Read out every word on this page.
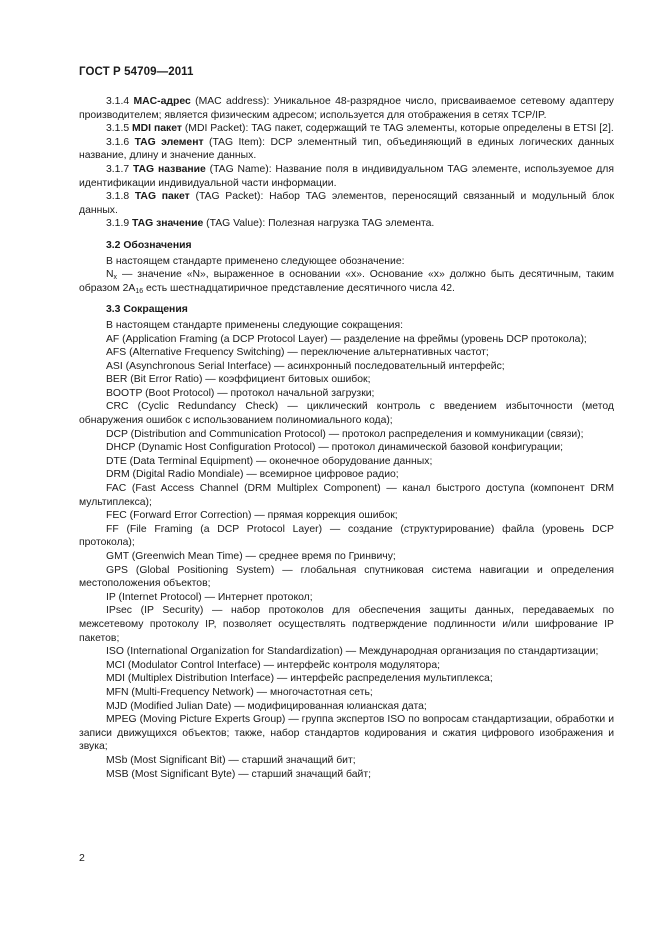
ГОСТ Р 54709—2011

3.1.4 MAC-адрес (MAC address): Уникальное 48-разрядное число, присваиваемое сетевому адаптеру производителем; является физическим адресом; используется для отображения в сетях TCP/IP.

3.1.5 MDI пакет (MDI Packet): TAG пакет, содержащий те TAG элементы, которые определены в ETSI [2].

3.1.6 TAG элемент (TAG Item): DCP элементный тип, объединяющий в единых логических данных название, длину и значение данных.

3.1.7 TAG название (TAG Name): Название поля в индивидуальном TAG элементе, используемое для идентификации индивидуальной части информации.

3.1.8 TAG пакет (TAG Packet): Набор TAG элементов, переносящий связанный и модульный блок данных.

3.1.9 TAG значение (TAG Value): Полезная нагрузка TAG элемента.

3.2 Обозначения

В настоящем стандарте применено следующее обозначение:

$N_x$ — значение «N», выраженное в основании «x». Основание «x» должно быть десятичным, таким образом $2A_{16}$ есть шестнадцатиричное представление десятичного числа 42.

3.3 Сокращения

В настоящем стандарте применены следующие сокращения:

AF (Application Framing (a DCP Protocol Layer) — разделение на фреймы (уровень DCP протокола);

AFS (Alternative Frequency Switching) — переключение альтернативных частот;

ASI (Asynchronous Serial Interface) — асинхронный последовательный интерфейс;

BER (Bit Error Ratio) — коэффициент битовых ошибок;

BOOTP (Boot Protocol) — протокол начальной загрузки;

CRC (Cyclic Redundancy Check) — циклический контроль с введением избыточности (метод обнаружения ошибок с использованием полиномиального кода);

DCP (Distribution and Communication Protocol) — протокол распределения и коммуникации (связи);

DHCP (Dynamic Host Configuration Protocol) — протокол динамической базовой конфигурации;

DTE (Data Terminal Equipment) — оконечное оборудование данных;

DRM (Digital Radio Mondiale) — всемирное цифровое радио;

FAC (Fast Access Channel (DRM Multiplex Component) — канал быстрого доступа (компонент DRM мультиплекса);

FEC (Forward Error Correction) — прямая коррекция ошибок;

FF (File Framing (a DCP Protocol Layer) — создание (структурирование) файла (уровень DCP протокола);

GMT (Greenwich Mean Time) — среднее время по Гринвичу;

GPS (Global Positioning System) — глобальная спутниковая система навигации и определения местоположения объектов;

IP (Internet Protocol) — Интернет протокол;

IPsec (IP Security) — набор протоколов для обеспечения защиты данных, передаваемых по межсетевому протоколу IP, позволяет осуществлять подтверждение подлинности и/или шифрование IP пакетов;

ISO (International Organization for Standardization) — Международная организация по стандартизации;

MCI (Modulator Control Interface) — интерфейс контроля модулятора;

MDI (Multiplex Distribution Interface) — интерфейс распределения мультиплекса;

MFN (Multi-Frequency Network) — многочастотная сеть;

MJD (Modified Julian Date) — модифицированная юлианская дата;

MPEG (Moving Picture Experts Group) — группа экспертов ISO по вопросам стандартизации, обработки и записи движущихся объектов; также, набор стандартов кодирования и сжатия цифрового изображения и звука;

MSb (Most Significant Bit) — старший значащий бит;

MSB (Most Significant Byte) — старший значащий байт;

2
